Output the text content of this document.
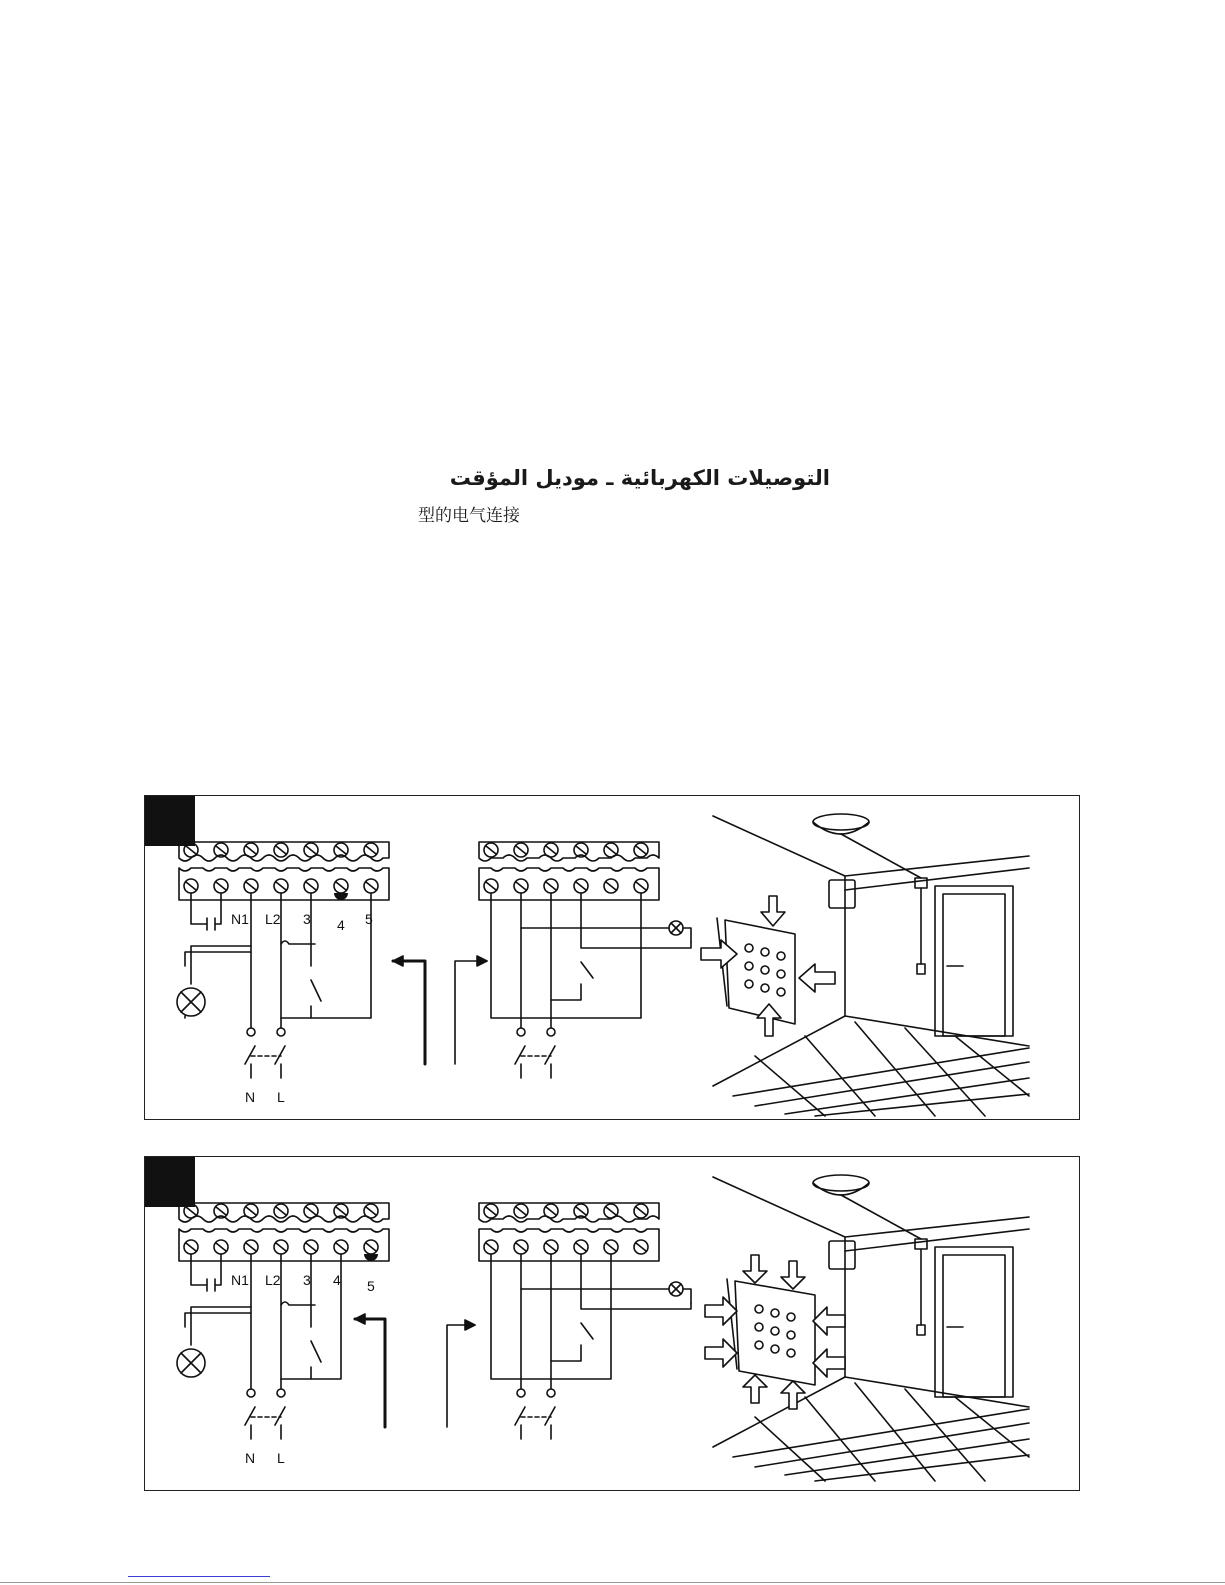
التوصيلات الكهربائية ـ موديل المؤقت
型的电气连接
N1 L2 3 4 5
N L
N1 L2 3 4 5
N L
